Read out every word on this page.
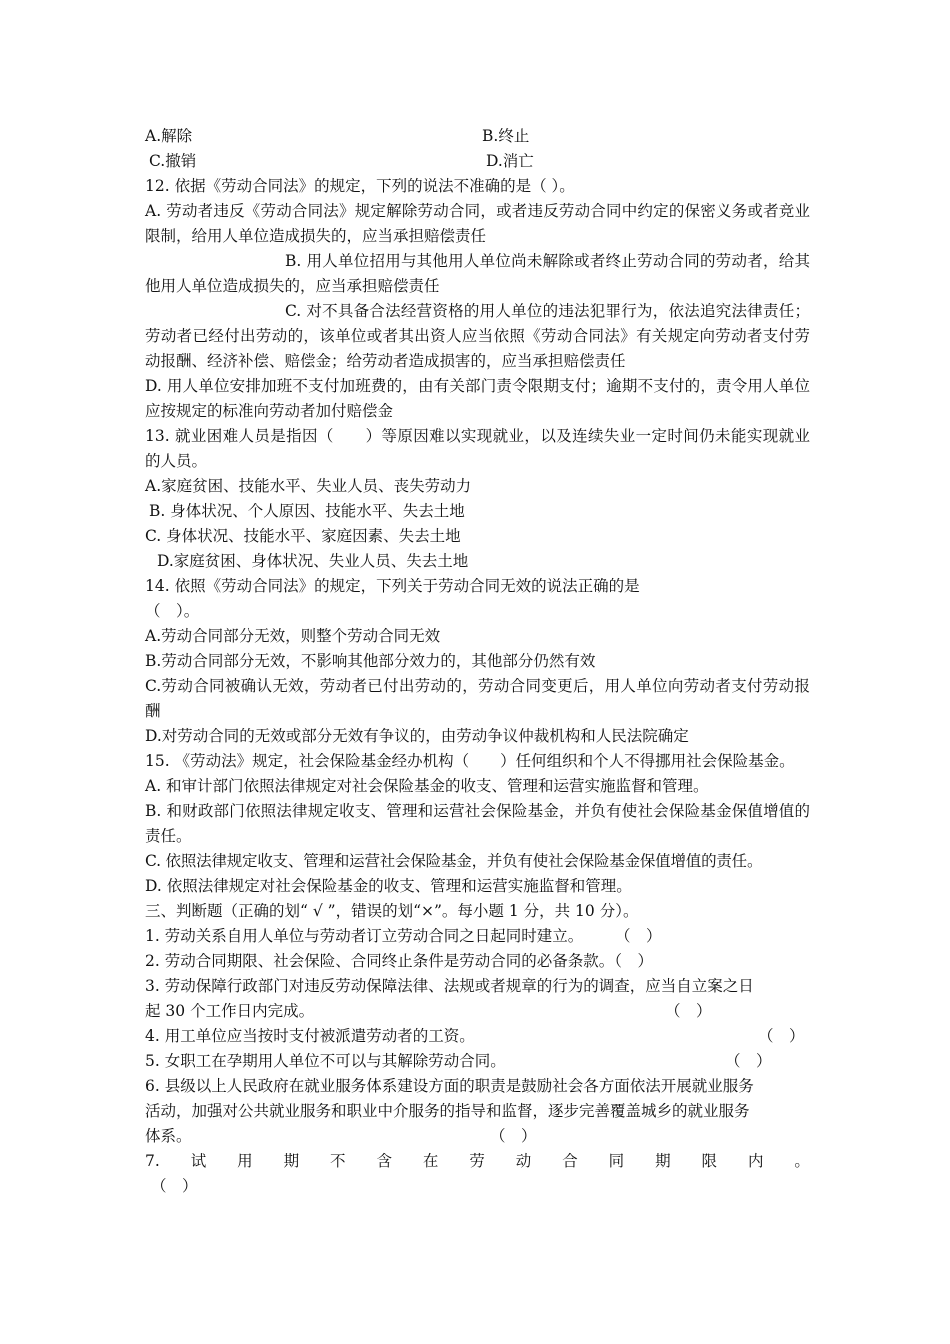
A.解除	B.终止
C.撤销	D.消亡
12. 依据《劳动合同法》的规定，下列的说法不准确的是（ ）。
A. 劳动者违反《劳动合同法》规定解除劳动合同，或者违反劳动合同中约定的保密义务或者竞业限制，给用人单位造成损失的，应当承担赔偿责任
B. 用人单位招用与其他用人单位尚未解除或者终止劳动合同的劳动者，给其他用人单位造成损失的，应当承担赔偿责任
C. 对不具备合法经营资格的用人单位的违法犯罪行为，依法追究法律责任；劳动者已经付出劳动的，该单位或者其出资人应当依照《劳动合同法》有关规定向劳动者支付劳动报酬、经济补偿、赔偿金；给劳动者造成损害的，应当承担赔偿责任
D. 用人单位安排加班不支付加班费的，由有关部门责令限期支付；逾期不支付的，责令用人单位应按规定的标准向劳动者加付赔偿金
13. 就业困难人员是指因（　　）等原因难以实现就业，以及连续失业一定时间仍未能实现就业的人员。
A.家庭贫困、技能水平、失业人员、丧失劳动力
B. 身体状况、个人原因、技能水平、失去土地
C. 身体状况、技能水平、家庭因素、失去土地
D.家庭贫困、身体状况、失业人员、失去土地
14. 依照《劳动合同法》的规定，下列关于劳动合同无效的说法正确的是
（　）。
A.劳动合同部分无效，则整个劳动合同无效
B.劳动合同部分无效，不影响其他部分效力的，其他部分仍然有效
C.劳动合同被确认无效，劳动者已付出劳动的，劳动合同变更后，用人单位向劳动者支付劳动报酬
D.对劳动合同的无效或部分无效有争议的，由劳动争议仲裁机构和人民法院确定
15. 《劳动法》规定，社会保险基金经办机构（　　）任何组织和个人不得挪用社会保险基金。
A. 和审计部门依照法律规定对社会保险基金的收支、管理和运营实施监督和管理。
B. 和财政部门依照法律规定收支、管理和运营社会保险基金，并负有使社会保险基金保值增值的责任。
C. 依照法律规定收支、管理和运营社会保险基金，并负有使社会保险基金保值增值的责任。
D. 依照法律规定对社会保险基金的收支、管理和运营实施监督和管理。
三、判断题（正确的划“ √ ”，错误的划“×”。每小题 1 分，共 10 分）。
1. 劳动关系自用人单位与劳动者订立劳动合同之日起同时建立。 （　）
2. 劳动合同期限、社会保险、合同终止条件是劳动合同的必备条款。（　）
3. 劳动保障行政部门对违反劳动保障法律、法规或者规章的行为的调查，应当自立案之日
起 30 个工作日内完成。	（　）
4. 用工单位应当按时支付被派遣劳动者的工资。	（　）
5. 女职工在孕期用人单位不可以与其解除劳动合同。	（　）
6. 县级以上人民政府在就业服务体系建设方面的职责是鼓励社会各方面依法开展就业服务
活动，加强对公共就业服务和职业中介服务的指导和监督，逐步完善覆盖城乡的就业服务
体系。	（　）
7. 试 用 期 不 含 在 劳 动 合 同 期 限 内 。
（　）
